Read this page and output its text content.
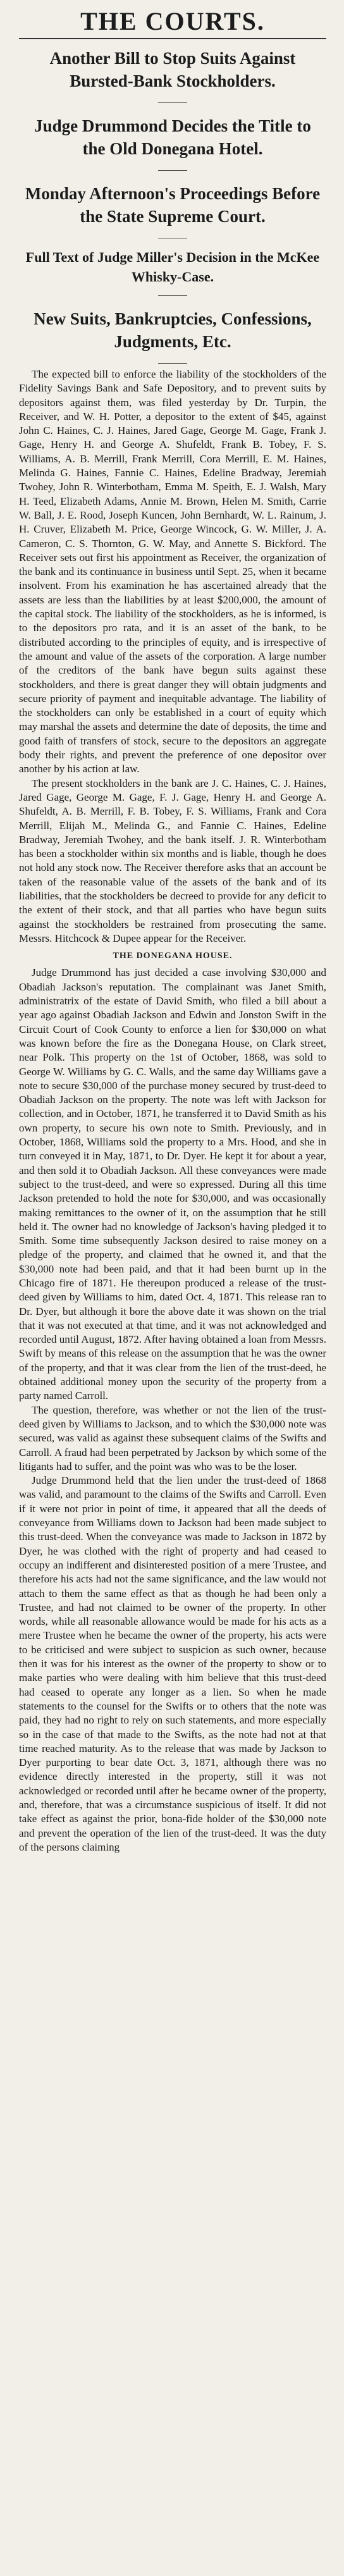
THE COURTS.
Another Bill to Stop Suits Against Bursted-Bank Stockholders.
Judge Drummond Decides the Title to the Old Donegana Hotel.
Monday Afternoon's Proceedings Before the State Supreme Court.
Full Text of Judge Miller's Decision in the McKee Whisky-Case.
New Suits, Bankruptcies, Confessions, Judgments, Etc.

The expected bill to enforce the liability of the stockholders of the Fidelity Savings Bank and Safe Depository, and to prevent suits by depositors against them, was filed yesterday by Dr. Turpin, the Receiver, and W. H. Potter, a depositor to the extent of $45, against John C. Haines, C. J. Haines, Jared Gage, George M. Gage, Frank J. Gage, Henry H. and George A. Shufeldt, Frank B. Tobey, F. S. Williams, A. B. Merrill, Frank Merrill, Cora Merrill, E. M. Haines, Melinda G. Haines, Fannie C. Haines, Edeline Bradway, Jeremiah Twohey, John R. Winterbotham, Emma M. Speith, E. J. Walsh, Mary H. Teed, Elizabeth Adams, Annie M. Brown, Helen M. Smith, Carrie W. Ball, J. E. Rood, Joseph Kuncen, John Bernhardt, W. L. Rainum, J. H. Cruver, Elizabeth M. Price, George Wincock, G. W. Miller, J. A. Cameron, C. S. Thornton, G. W. May, and Annette S. Bickford. The Receiver sets out first his appointment as Receiver, the organization of the bank and its continuance in business until Sept. 25, when it became insolvent. From his examination he has ascertained already that the assets are less than the liabilities by at least $200,000, the amount of the capital stock. The liability of the stockholders, as he is informed, is to the depositors pro rata, and it is an asset of the bank, to be distributed according to the principles of equity, and is irrespective of the amount and value of the assets of the corporation. A large number of the creditors of the bank have begun suits against these stockholders, and there is great danger they will obtain judgments and secure priority of payment and inequitable advantage. The liability of the stockholders can only be established in a court of equity which may marshal the assets and determine the date of deposits, the time and good faith of transfers of stock, secure to the depositors an aggregate body their rights, and prevent the preference of one depositor over another by his action at law.

The present stockholders in the bank are J. C. Haines, C. J. Haines, Jared Gage, George M. Gage, F. J. Gage, Henry H. and George A. Shufeldt, A. B. Merrill, F. B. Tobey, F. S. Williams, Frank and Cora Merrill, Elijah M., Melinda G., and Fannie C. Haines, Edeline Bradway, Jeremiah Twohey, and the bank itself. J. R. Winterbotham has been a stockholder within six months and is liable, though he does not hold any stock now. The Receiver therefore asks that an account be taken of the reasonable value of the assets of the bank and of its liabilities, that the stockholders be decreed to provide for any deficit to the extent of their stock, and that all parties who have begun suits against the stockholders be restrained from prosecuting the same. Messrs. Hitchcock & Dupee appear for the Receiver.

THE DONEGANA HOUSE.

Judge Drummond has just decided a case involving $30,000 and Obadiah Jackson's reputation. The complainant was Janet Smith, administratrix of the estate of David Smith, who filed a bill about a year ago against Obadiah Jackson and Edwin and Jonston Swift in the Circuit Court of Cook County to enforce a lien for $30,000 on what was known before the fire as the Donegana House, on Clark street, near Polk. This property on the 1st of October, 1868, was sold to George W. Williams by G. C. Walls, and the same day Williams gave a note to secure $30,000 of the purchase money secured by trust-deed to Obadiah Jackson on the property. The note was left with Jackson for collection, and in October, 1871, he transferred it to David Smith as his own property, to secure his own note to Smith. Previously, and in October, 1868, Williams sold the property to a Mrs. Hood, and she in turn conveyed it in May, 1871, to Dr. Dyer. He kept it for about a year, and then sold it to Obadiah Jackson. All these conveyances were made subject to the trust-deed, and were so expressed. During all this time Jackson pretended to hold the note for $30,000, and was occasionally making remittances to the owner of it, on the assumption that he still held it. The owner had no knowledge of Jackson's having pledged it to Smith. Some time subsequently Jackson desired to raise money on a pledge of the property, and claimed that he owned it, and that the $30,000 note had been paid, and that it had been burnt up in the Chicago fire of 1871. He thereupon produced a release of the trust-deed given by Williams to him, dated Oct. 4, 1871. This release ran to Dr. Dyer, but although it bore the above date it was shown on the trial that it was not executed at that time, and it was not acknowledged and recorded until August, 1872. After having obtained a loan from Messrs. Swift by means of this release on the assumption that he was the owner of the property, and that it was clear from the lien of the trust-deed, he obtained additional money upon the security of the property from a party named Carroll.

The question, therefore, was whether or not the lien of the trust-deed given by Williams to Jackson, and to which the $30,000 note was secured, was valid as against these subsequent claims of the Swifts and Carroll. A fraud had been perpetrated by Jackson by which some of the litigants had to suffer, and the point was who was to be the loser.

Judge Drummond held that the lien under the trust-deed of 1868 was valid, and paramount to the claims of the Swifts and Carroll. Even if it were not prior in point of time, it appeared that all the deeds of conveyance from Williams down to Jackson had been made subject to this trust-deed. When the conveyance was made to Jackson in 1872 by Dyer, he was clothed with the right of property and had ceased to occupy an indifferent and disinterested position of a mere Trustee, and therefore his acts had not the same significance, and the law would not attach to them the same effect as that as though he had been only a Trustee, and had not claimed to be owner of the property. In other words, while all reasonable allowance would be made for his acts as a mere Trustee when he became the owner of the property, his acts were to be criticised and were subject to suspicion as such owner, because then it was for his interest as the owner of the property to show or to make parties who were dealing with him believe that this trust-deed had ceased to operate any longer as a lien. So when he made statements to the counsel for the Swifts or to others that the note was paid, they had no right to rely on such statements, and more especially so in the case of that made to the Swifts, as the note had not at that time reached maturity. As to the release that was made by Jackson to Dyer purporting to bear date Oct. 3, 1871, although there was no evidence directly interested in the property, still it was not acknowledged or recorded until after he became owner of the property, and, therefore, that was a circumstance suspicious of itself. It did not take effect as against the prior, bona-fide holder of the $30,000 note and prevent the operation of the lien of the trust-deed. It was the duty of the persons claiming
